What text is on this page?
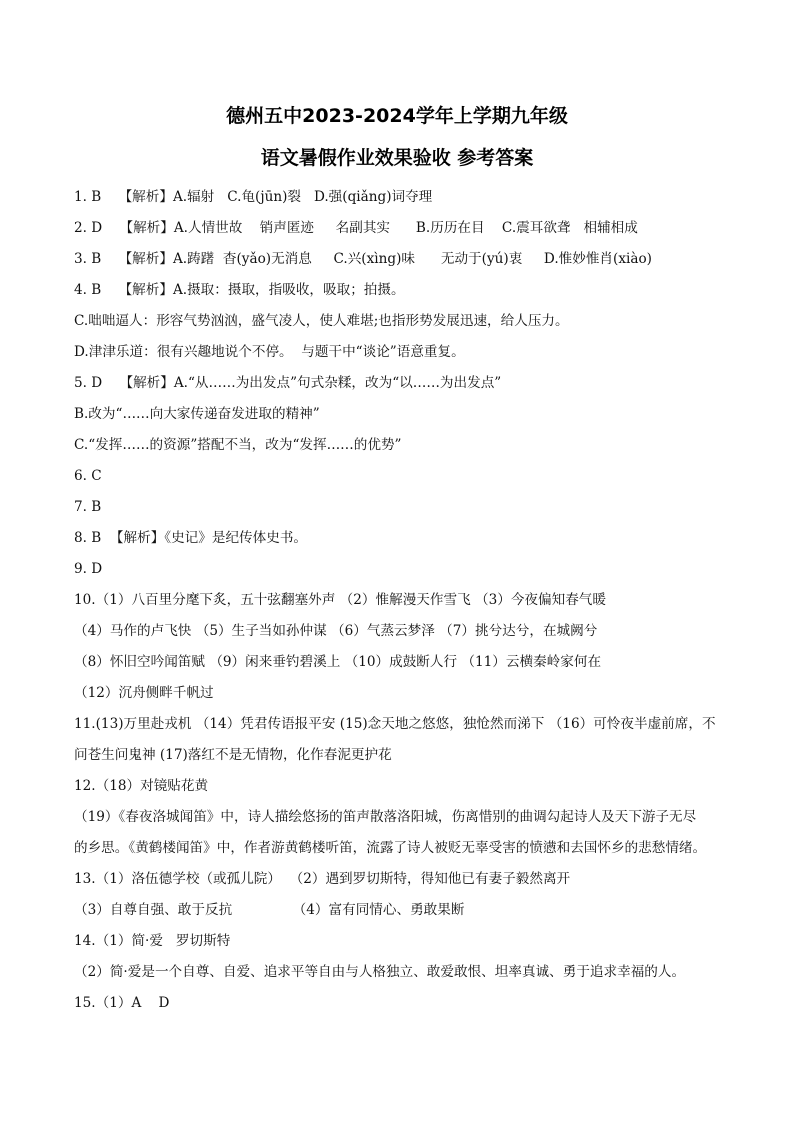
德州五中2023-2024学年上学期九年级
语文暑假作业效果验收 参考答案
1. B    【解析】A.辐射   C.龟(jūn)裂   D.强(qiǎng)词夺理
2. D    【解析】A.人情世故    销声匿迹     名副其实      B.历历在目    C.震耳欲聋   相辅相成
3. B    【解析】A.踌躇  杳(yǎo)无消息     C.兴(xìng)味      无动于(yú)衷     D.惟妙惟肖(xiào)
4. B    【解析】A.摄取：摄取，指吸收，吸取；拍摄。
C.咄咄逼人：形容气势汹汹，盛气凌人，使人难堪;也指形势发展迅速，给人压力。
D.津津乐道：很有兴趣地说个不停。  与题干中“谈论”语意重复。
5. D    【解析】A.“从……为出发点”句式杂糅，改为“以……为出发点”
B.改为“……向大家传递奋发进取的精神”
C.“发挥……的资源”搭配不当，改为“发挥……的优势”
6. C
7. B
8. B  【解析】《史记》是纪传体史书。
9. D
10.（1）八百里分麾下炙，五十弦翻塞外声 （2）惟解漫天作雪飞 （3）今夜偏知春气暖
（4）马作的卢飞快 （5）生子当如孙仲谋 （6）气蒸云梦泽 （7）挑兮达兮，在城阙兮
（8）怀旧空吟闻笛赋 （9）闲来垂钓碧溪上 （10）成鼓断人行 （11）云横秦岭家何在
（12）沉舟侧畔千帆过
11.(13)万里赴戎机 （14）凭君传语报平安 (15)念天地之悠悠，独怆然而涕下 （16）可怜夜半虚前席，不
问苍生问鬼神 (17)落红不是无情物，化作春泥更护花
12.（18）对镜贴花黄
（19）《春夜洛城闻笛》中，诗人描绘悠扬的笛声散落洛阳城，伤离惜别的曲调勾起诗人及天下游子无尽
的乡思。《黄鹤楼闻笛》中，作者游黄鹤楼听笛，流露了诗人被贬无辜受害的愤懑和去国怀乡的悲愁情绪。
13.（1）洛伍德学校（或孤儿院）  （2）遇到罗切斯特，得知他已有妻子毅然离开
（3）自尊自强、敢于反抗              （4）富有同情心、勇敢果断
14.（1）简·爱   罗切斯特
（2）简·爱是一个自尊、自爱、追求平等自由与人格独立、敢爱敢恨、坦率真诚、勇于追求幸福的人。
15.（1）A    D
